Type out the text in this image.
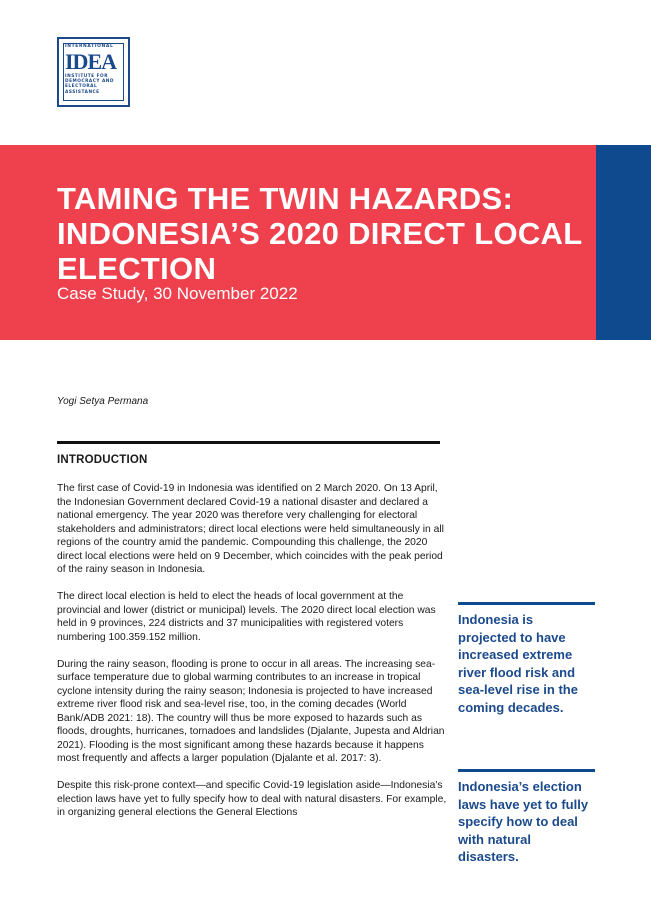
INTERNATIONAL
IDEA
INSTITUTE FOR
DEMOCRACY AND
ELECTORAL
ASSISTANCE
TAMING THE TWIN HAZARDS:
INDONESIA’S 2020 DIRECT LOCAL
ELECTION

Case Study, 30 November 2022

Yogi Setya Permana

INTRODUCTION

The first case of Covid-19 in Indonesia was identified on 2 March 2020. On 13 April, the Indonesian Government declared Covid-19 a national disaster and declared a national emergency. The year 2020 was therefore very challenging for electoral stakeholders and administrators; direct local elections were held simultaneously in all regions of the country amid the pandemic. Compounding this challenge, the 2020 direct local elections were held on 9 December, which coincides with the peak period of the rainy season in Indonesia.

The direct local election is held to elect the heads of local government at the provincial and lower (district or municipal) levels. The 2020 direct local election was held in 9 provinces, 224 districts and 37 municipalities with registered voters numbering 100.359.152 million.

During the rainy season, flooding is prone to occur in all areas. The increasing sea-surface temperature due to global warming contributes to an increase in tropical cyclone intensity during the rainy season; Indonesia is projected to have increased extreme river flood risk and sea-level rise, too, in the coming decades (World Bank/ADB 2021: 18). The country will thus be more exposed to hazards such as floods, droughts, hurricanes, tornadoes and landslides (Djalante, Jupesta and Aldrian 2021). Flooding is the most significant among these hazards because it happens most frequently and affects a larger population (Djalante et al. 2017: 3).

Despite this risk-prone context—and specific Covid-19 legislation aside—Indonesia’s election laws have yet to fully specify how to deal with natural disasters. For example, in organizing general elections the General Elections

Indonesia is projected to have increased extreme river flood risk and sea-level rise in the coming decades.

Indonesia’s election laws have yet to fully specify how to deal with natural disasters.
